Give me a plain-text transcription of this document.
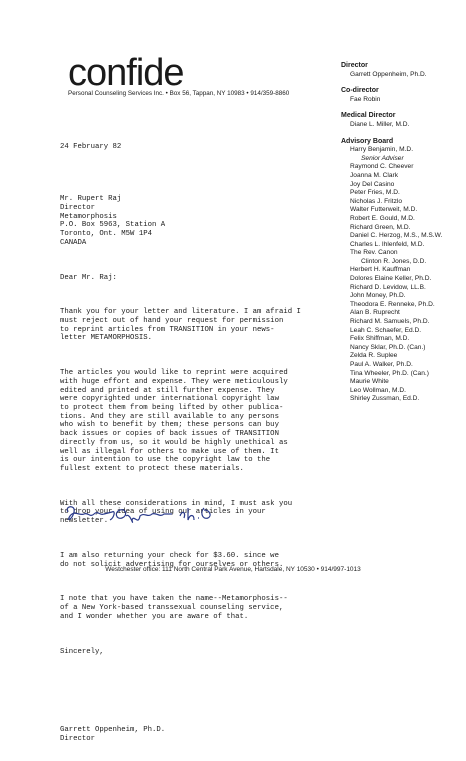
confide
Personal Counseling Services Inc. • Box 56, Tappan, NY 10983 • 914/359-8860
Director
Garrett Oppenheim, Ph.D.
Co-director
Fae Robin
Medical Director
Diane L. Miller, M.D.
Advisory Board
Harry Benjamin, M.D.
Senior Adviser
Raymond C. Cheever
Joanna M. Clark
Joy Del Casino
Peter Fries, M.D.
Nicholas J. Fritzlo
Walter Futterweit, M.D.
Robert E. Gould, M.D.
Richard Green, M.D.
Daniel C. Herzog, M.S., M.S.W.
Charles L. Ihlenfeld, M.D.
The Rev. Canon
Clinton R. Jones, D.D.
Herbert H. Kauffman
Dolores Elaine Keller, Ph.D.
Richard D. Levidow, LL.B.
John Money, Ph.D.
Theodora E. Renneke, Ph.D.
Alan B. Ruprecht
Richard M. Samuels, Ph.D.
Leah C. Schaefer, Ed.D.
Felix Shiffman, M.D.
Nancy Sklar, Ph.D. (Can.)
Zelda R. Suplee
Paul A. Walker, Ph.D.
Tina Wheeler, Ph.D. (Can.)
Maurie White
Leo Wollman, M.D.
Shirley Zussman, Ed.D.

24 February 82

Mr. Rupert Raj
Director
Metamorphosis
P.O. Box 5963, Station A
Toronto, Ont. M5W 1P4
CANADA

Dear Mr. Raj:

Thank you for your letter and literature. I am afraid I
must reject out of hand your request for permission
to reprint articles from TRANSITION in your news-
letter METAMORPHOSIS.

The articles you would like to reprint were acquired
with huge effort and expense. They were meticulously
edited and printed at still further expense. They
were copyrighted under international copyright law
to protect them from being lifted by other publica-
tions. And they are still available to any persons
who wish to benefit by them; these persons can buy
back issues or copies of back issues of TRANSITION
directly from us, so it would be highly unethical as
well as illegal for others to make use of them. It
is our intention to use the copyright law to the
fullest extent to protect these materials.

With all these considerations in mind, I must ask you
to drop your idea of using our articles in your
newsletter.

I am also returning your check for $3.60. since we
do not solicit advertising for ourselves or others.

I note that you have taken the name--Metamorphosis--
of a New York-based transsexual counseling service,
and I wonder whether you are aware of that.

Sincerely,

Garrett Oppenheim, Ph.D.
Director

Westchester office: 111 North Central Park Avenue, Hartsdale, NY 10530 • 914/997-1013
